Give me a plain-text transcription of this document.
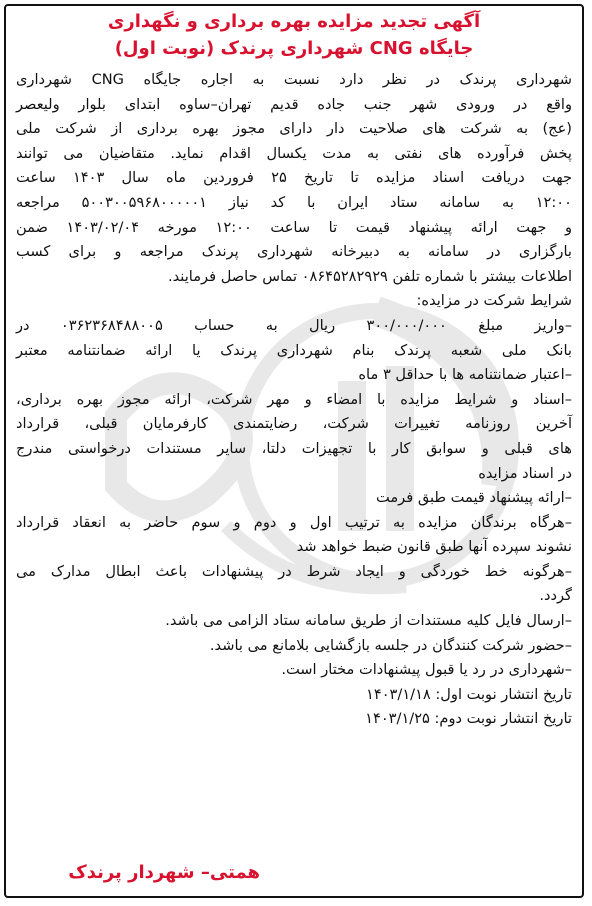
آگهی تجدید مزایده بهره برداری و نگهداری
جایگاه CNG شهرداری پرندک (نوبت اول)
شهرداری پرندک در نظر دارد نسبت به اجاره جایگاه CNG شهرداری
واقع در ورودی شهر جنب جاده قدیم تهران–ساوه ابتدای بلوار ولیعصر
(عج) به شرکت های صلاحیت دار دارای مجوز بهره برداری از شرکت ملی
پخش فرآورده های نفتی به مدت یکسال اقدام نماید. متقاضیان می توانند
جهت دریافت اسناد مزایده تا تاریخ ۲۵ فروردین ماه سال ۱۴۰۳ ساعت
۱۲:۰۰ به سامانه ستاد ایران با کد نیاز ۵۰۰۳۰۰۵۹۶۸۰۰۰۰۰۱ مراجعه
و جهت ارائه پیشنهاد قیمت تا ساعت ۱۲:۰۰ مورخه ۱۴۰۳/۰۲/۰۴ ضمن
بارگزاری در سامانه به دبیرخانه شهرداری پرندک مراجعه و برای کسب
اطلاعات بیشتر با شماره تلفن ۰۸۶۴۵۲۸۲۹۲۹ تماس حاصل فرمایند.
شرایط شرکت در مزایده:
–واریز مبلغ ۳۰۰/۰۰۰/۰۰۰ ریال به حساب ۰۳۶۲۳۶۸۴۸۸۰۰۵ در
بانک ملی شعبه پرندک بنام شهرداری پرندک یا ارائه ضمانتنامه معتبر
–اعتبار ضمانتنامه ها با حداقل ۳ ماه
–اسناد و شرایط مزایده با امضاء و مهر شرکت، ارائه مجوز بهره برداری،
آخرین روزنامه تغییرات شرکت، رضایتمندی کارفرمایان قبلی، قرارداد
های قبلی و سوابق کار با تجهیزات دلتا، سایر مستندات درخواستی مندرج
در اسناد مزایده
–ارائه پیشنهاد قیمت طبق فرمت
–هرگاه برندگان مزایده به ترتیب اول و دوم و سوم حاضر به انعقاد قرارداد
نشوند سپرده آنها طبق قانون ضبط خواهد شد
–هرگونه خط خوردگی و ایجاد شرط در پیشنهادات باعث ابطال مدارک می
گردد.
–ارسال فایل کلیه مستندات از طریق سامانه ستاد الزامی می باشد.
–حضور شرکت کنندگان در جلسه بازگشایی بلامانع می باشد.
–شهرداری در رد یا قبول پیشنهادات مختار است.
تاریخ انتشار نوبت اول: ۱۴۰۳/۱/۱۸
تاریخ انتشار نوبت دوم: ۱۴۰۳/۱/۲۵
همتی– شهردار پرندک
